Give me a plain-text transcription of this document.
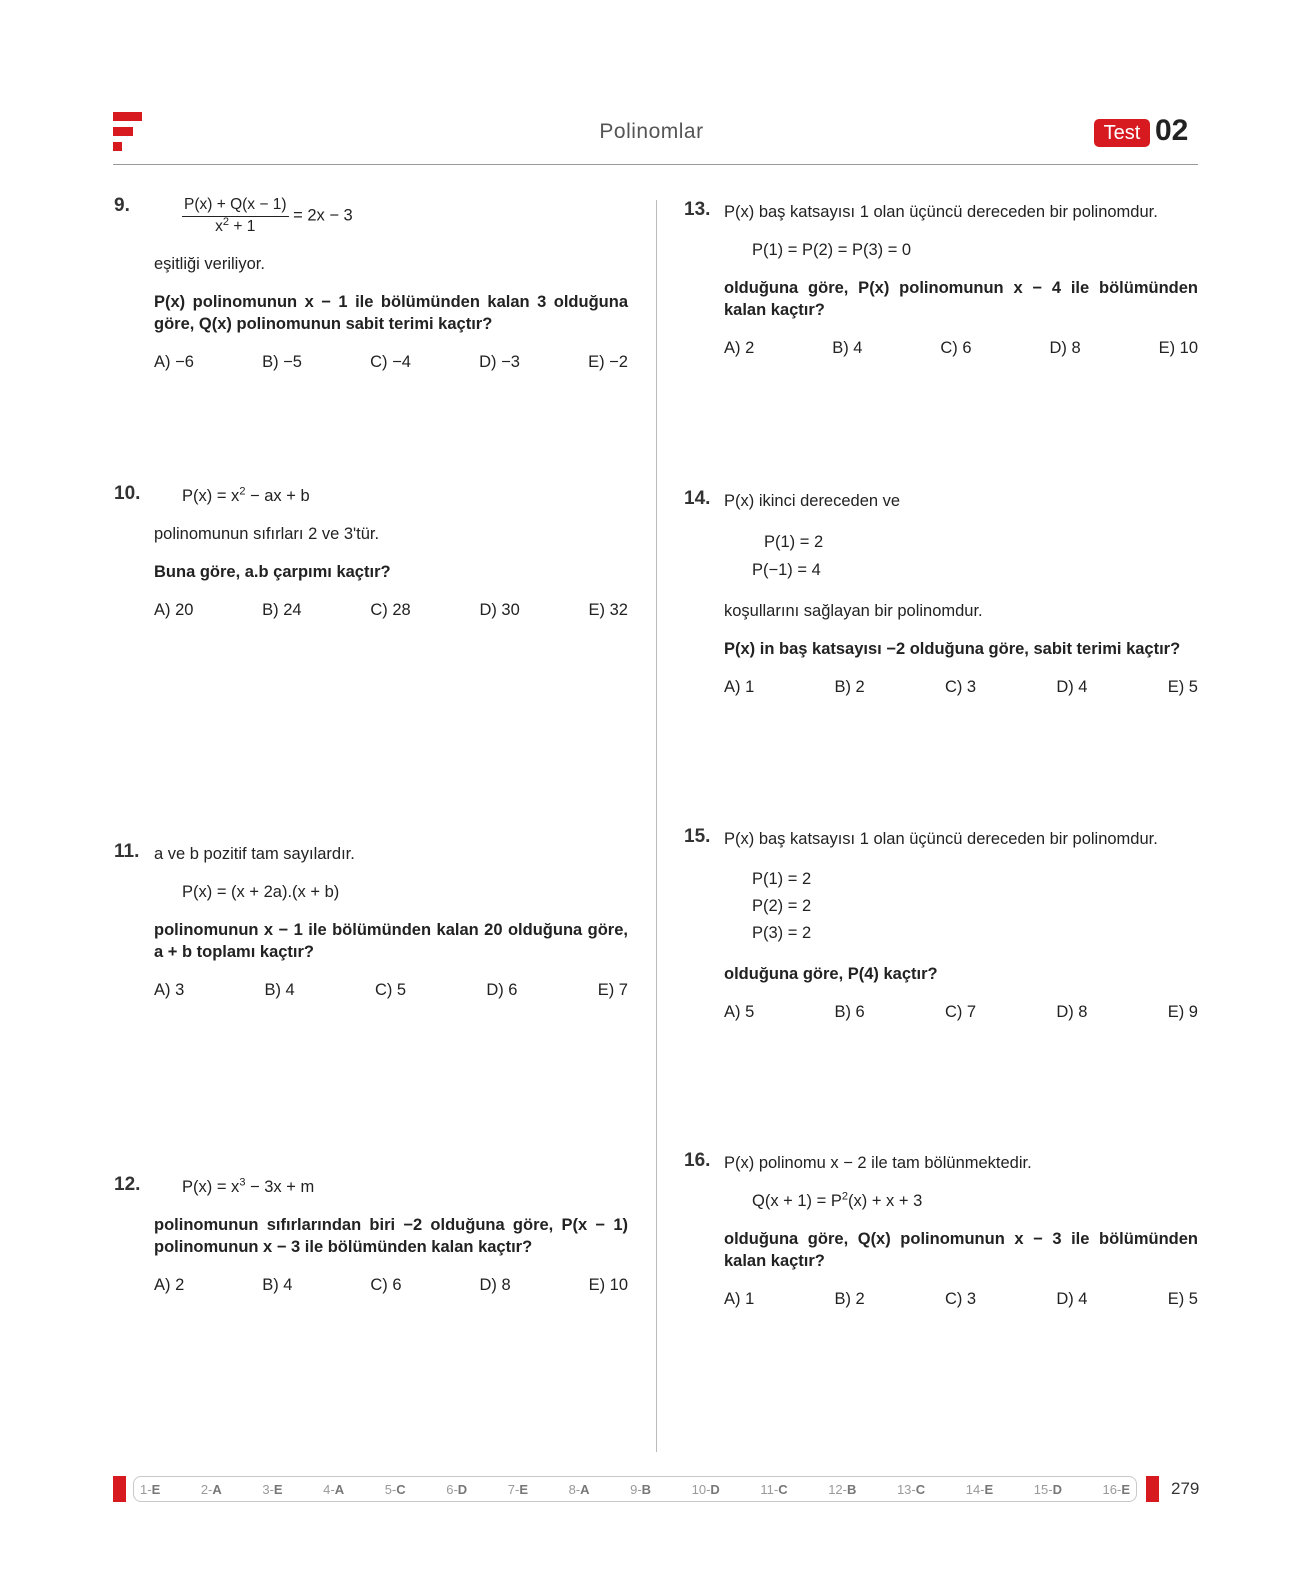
Polinomlar	Test 02
9.	$\frac{P(x) + Q(x - 1)}{x^2 + 1} = 2x - 3$
eşitliği veriliyor.
P(x) polinomunun x − 1 ile bölümünden kalan 3 olduğuna göre, Q(x) polinomunun sabit terimi kaçtır?
A) −6	B) −5	C) −4	D) −3	E) −2
10.	$P(x) = x^2$ − ax + b
polinomunun sıfırları 2 ve 3'tür.
Buna göre, a.b çarpımı kaçtır?
A) 20	B) 24	C) 28	D) 30	E) 32
11. a ve b pozitif tam sayılardır.
P(x) = (x + 2a).(x + b)
polinomunun x − 1 ile bölümünden kalan 20 olduğuna göre, a + b toplamı kaçtır?
A) 3	B) 4	C) 5	D) 6	E) 7
12.	$P(x) = x^3 - 3x + m$
polinomunun sıfırlarından biri −2 olduğuna göre, P(x − 1) polinomunun x − 3 ile bölümünden kalan kaçtır?
A) 2	B) 4	C) 6	D) 8	E) 10
13. P(x) baş katsayısı 1 olan üçüncü dereceden bir polinomdur.
P(1) = P(2) = P(3) = 0
olduğuna göre, P(x) polinomunun x − 4 ile bölümünden kalan kaçtır?
A) 2	B) 4	C) 6	D) 8	E) 10
14. P(x) ikinci dereceden ve
P(1) = 2
P(−1) = 4
koşullarını sağlayan bir polinomdur.
P(x) in baş katsayısı −2 olduğuna göre, sabit terimi kaçtır?
A) 1	B) 2	C) 3	D) 4	E) 5
15. P(x) baş katsayısı 1 olan üçüncü dereceden bir polinomdur.
P(1) = 2
P(2) = 2
P(3) = 2
olduğuna göre, P(4) kaçtır?
A) 5	B) 6	C) 7	D) 8	E) 9
16. P(x) polinomu x − 2 ile tam bölünmektedir.
$Q(x + 1) = P^2(x) + x + 3$
olduğuna göre, Q(x) polinomunun x − 3 ile bölümünden kalan kaçtır?
A) 1	B) 2	C) 3	D) 4	E) 5
1-E	2-A	3-E	4-A	5-C	6-D	7-E	8-A	9-B	10-D	11-C	12-B	13-C	14-E	15-D	16-E 279
